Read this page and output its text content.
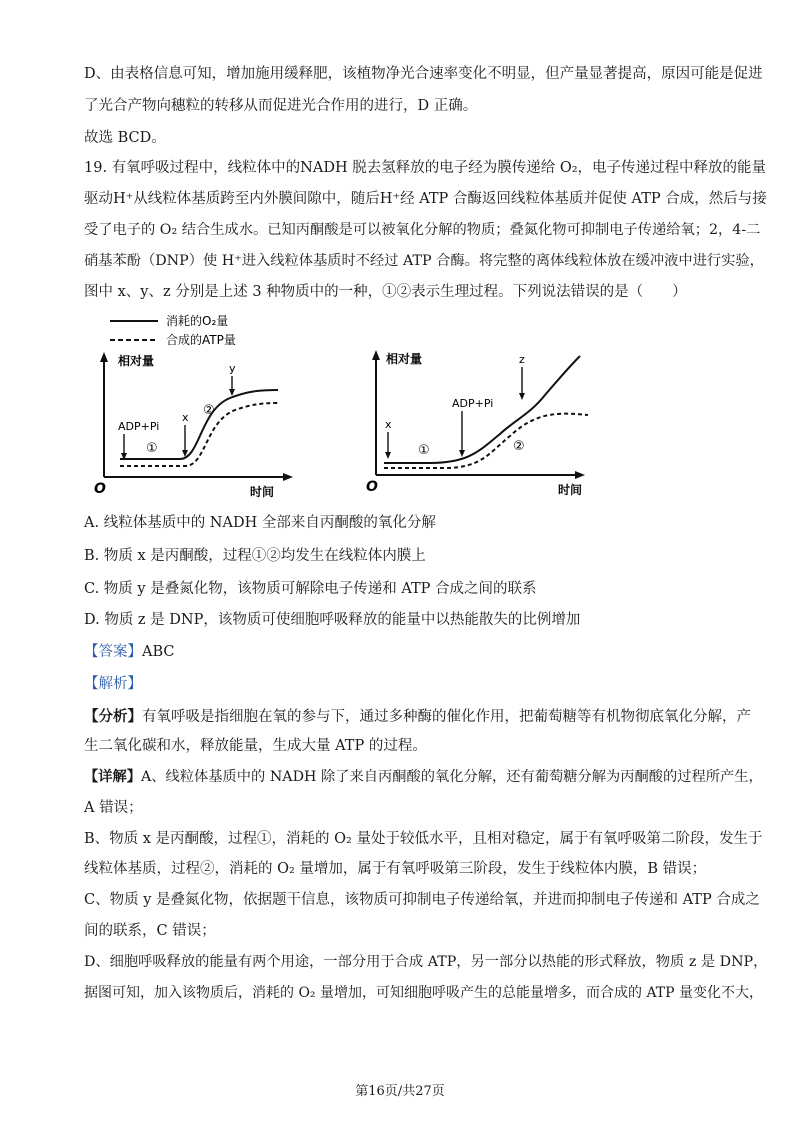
D、由表格信息可知，增加施用缓释肥，该植物净光合速率变化不明显，但产量显著提高，原因可能是促进
了光合产物向穗粒的转移从而促进光合作用的进行，D 正确。
故选 BCD。
19. 有氧呼吸过程中，线粒体中的NADH 脱去氢释放的电子经为膜传递给 O₂，电子传递过程中释放的能量
驱动H⁺从线粒体基质跨至内外膜间隙中，随后H⁺经 ATP 合酶返回线粒体基质并促使 ATP 合成，然后与接
受了电子的 O₂ 结合生成水。已知丙酮酸是可以被氧化分解的物质；叠氮化物可抑制电子传递给氧；2，4-二
硝基苯酚（DNP）使 H⁺进入线粒体基质时不经过 ATP 合酶。将完整的离体线粒体放在缓冲液中进行实验，
图中 x、y、z 分别是上述 3 种物质中的一种，①②表示生理过程。下列说法错误的是（　　）
消耗的O₂量
合成的ATP量
相对量
时间
O
ADP+Pi
x
y
①
②
相对量
时间
O
x
ADP+Pi
z
①	②
A. 线粒体基质中的 NADH 全部来自丙酮酸的氧化分解
B. 物质 x 是丙酮酸，过程①②均发生在线粒体内膜上
C. 物质 y 是叠氮化物，该物质可解除电子传递和 ATP 合成之间的联系
D. 物质 z 是 DNP，该物质可使细胞呼吸释放的能量中以热能散失的比例增加
【答案】ABC
【解析】
【分析】有氧呼吸是指细胞在氧的参与下，通过多种酶的催化作用，把葡萄糖等有机物彻底氧化分解，产
生二氧化碳和水，释放能量，生成大量 ATP 的过程。
【详解】A、线粒体基质中的 NADH 除了来自丙酮酸的氧化分解，还有葡萄糖分解为丙酮酸的过程所产生，
A 错误；
B、物质 x 是丙酮酸，过程①，消耗的 O₂ 量处于较低水平，且相对稳定，属于有氧呼吸第二阶段，发生于
线粒体基质，过程②，消耗的 O₂ 量增加，属于有氧呼吸第三阶段，发生于线粒体内膜，B 错误；
C、物质 y 是叠氮化物，依据题干信息，该物质可抑制电子传递给氧，并进而抑制电子传递和 ATP 合成之
间的联系，C 错误；
D、细胞呼吸释放的能量有两个用途，一部分用于合成 ATP，另一部分以热能的形式释放，物质 z 是 DNP，
据图可知，加入该物质后，消耗的 O₂ 量增加，可知细胞呼吸产生的总能量增多，而合成的 ATP 量变化不大，
第16页/共27页
